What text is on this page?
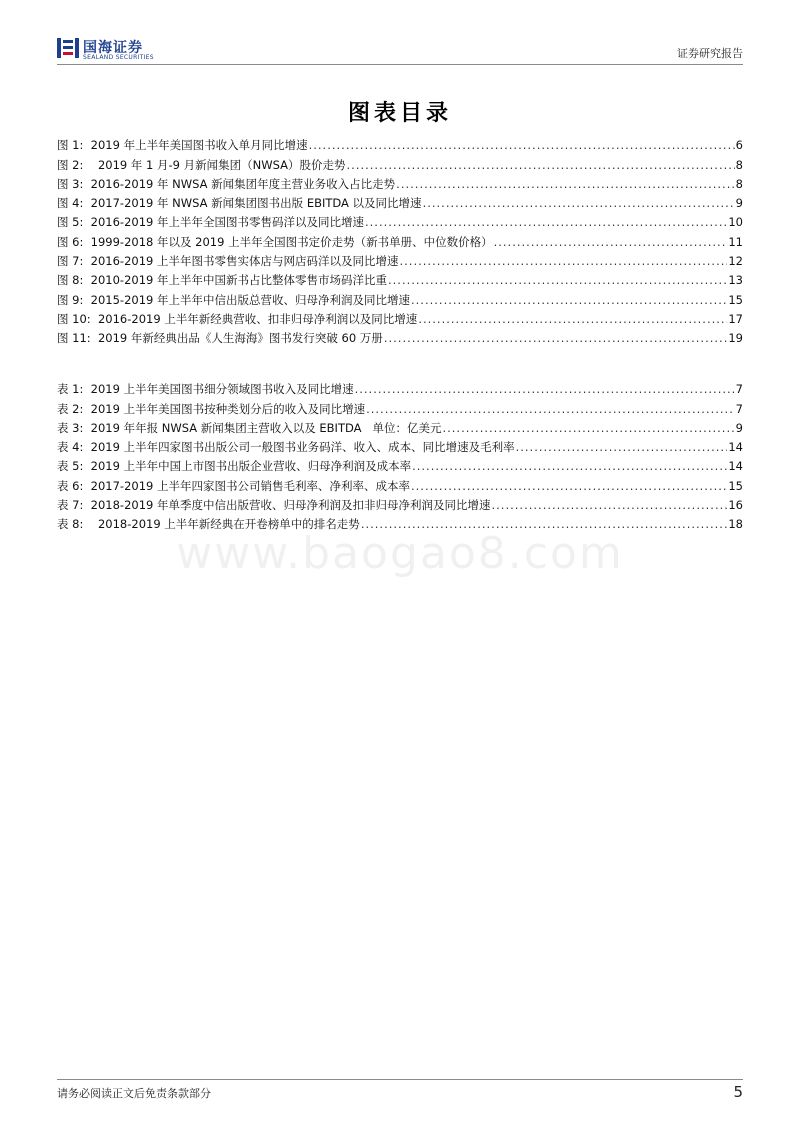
国海证券
SEALAND SECURITIES	证券研究报告
图表目录
图 1:  2019 年上半年美国图书收入单月同比增速 .....	6
图 2:    2019 年 1 月-9 月新闻集团（NWSA）股价走势 .....	8
图 3:  2016-2019 年 NWSA 新闻集团年度主营业务收入占比走势 .....	8
图 4:  2017-2019 年 NWSA 新闻集团图书出版 EBITDA 以及同比增速 .....	9
图 5:  2016-2019 年上半年全国图书零售码洋以及同比增速 .....	10
图 6:  1999-2018 年以及 2019 上半年全国图书定价走势（新书单册、中位数价格） .....	11
图 7:  2016-2019 上半年图书零售实体店与网店码洋以及同比增速 .....	12
图 8:  2010-2019 年上半年中国新书占比整体零售市场码洋比重 .....	13
图 9:  2015-2019 年上半年中信出版总营收、归母净利润及同比增速 .....	15
图 10:  2016-2019 上半年新经典营收、扣非归母净利润以及同比增速 .....	17
图 11:  2019 年新经典出品《人生海海》图书发行突破 60 万册 .....	19
表 1:  2019 上半年美国图书细分领域图书收入及同比增速 .....	7
表 2:  2019 上半年美国图书按种类划分后的收入及同比增速 .....	7
表 3:  2019 年年报 NWSA 新闻集团主营收入以及 EBITDA   单位：亿美元 .....	9
表 4:  2019 上半年四家图书出版公司一般图书业务码洋、收入、成本、同比增速及毛利率 .....	14
表 5:  2019 上半年中国上市图书出版企业营收、归母净利润及成本率 .....	14
表 6:  2017-2019 上半年四家图书公司销售毛利率、净利率、成本率 .....	15
表 7:  2018-2019 年单季度中信出版营收、归母净利润及扣非归母净利润及同比增速 .....	16
表 8:    2018-2019 上半年新经典在开卷榜单中的排名走势 .....	18
www.baogao8.com
请务必阅读正文后免责条款部分	5
